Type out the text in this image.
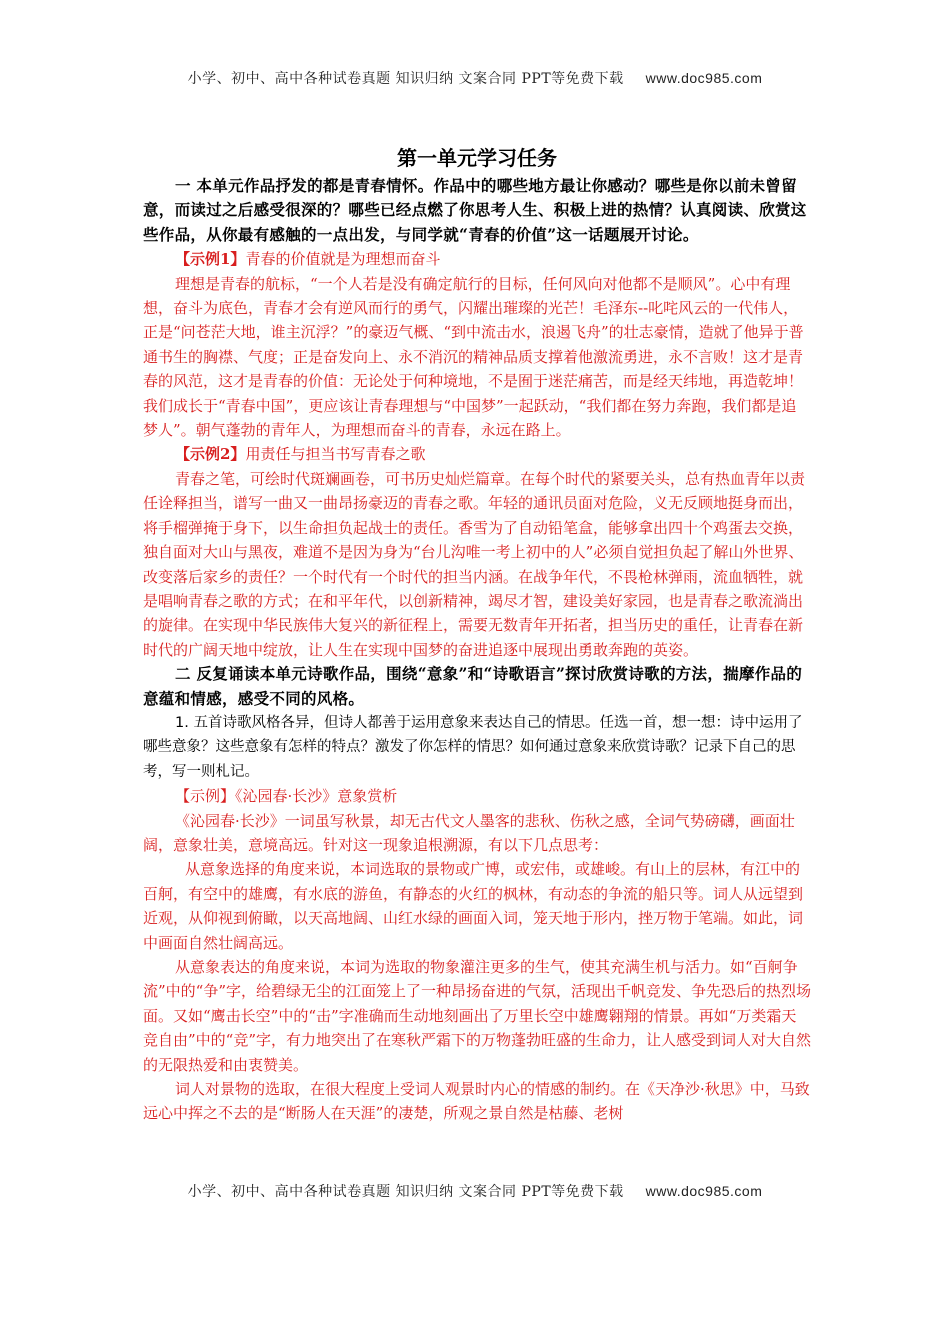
小学、初中、高中各种试卷真题 知识归纳 文案合同 PPT等免费下载 www.doc985.com
第一单元学习任务

一 本单元作品抒发的都是青春情怀。作品中的哪些地方最让你感动？哪些是你以前未曾留意，而读过之后感受很深的？哪些已经点燃了你思考人生、积极上进的热情？认真阅读、欣赏这些作品，从你最有感触的一点出发，与同学就“青春的价值”这一话题展开讨论。

【示例1】青春的价值就是为理想而奋斗

理想是青春的航标，“一个人若是没有确定航行的目标，任何风向对他都不是顺风”。心中有理想，奋斗为底色，青春才会有逆风而行的勇气，闪耀出璀璨的光芒！毛泽东--叱咤风云的一代伟人，正是“问苍茫大地，谁主沉浮？”的豪迈气概、“到中流击水，浪遏飞舟”的壮志豪情，造就了他异于普通书生的胸襟、气度；正是奋发向上、永不消沉的精神品质支撑着他激流勇进，永不言败！这才是青春的风范，这才是青春的价值：无论处于何种境地，不是囿于迷茫痛苦，而是经天纬地，再造乾坤！我们成长于“青春中国”，更应该让青春理想与“中国梦”一起跃动，“我们都在努力奔跑，我们都是追梦人”。朝气蓬勃的青年人，为理想而奋斗的青春，永远在路上。

【示例2】用责任与担当书写青春之歌

青春之笔，可绘时代斑斓画卷，可书历史灿烂篇章。在每个时代的紧要关头，总有热血青年以责任诠释担当，谱写一曲又一曲昂扬豪迈的青春之歌。年轻的通讯员面对危险，义无反顾地挺身而出，将手榴弹掩于身下，以生命担负起战士的责任。香雪为了自动铅笔盒，能够拿出四十个鸡蛋去交换，独自面对大山与黑夜，难道不是因为身为“台儿沟唯一考上初中的人”必须自觉担负起了解山外世界、改变落后家乡的责任？一个时代有一个时代的担当内涵。在战争年代，不畏枪林弹雨，流血牺牲，就是唱响青春之歌的方式；在和平年代，以创新精神，竭尽才智，建设美好家园，也是青春之歌流淌出的旋律。在实现中华民族伟大复兴的新征程上，需要无数青年开拓者，担当历史的重任，让青春在新时代的广阔天地中绽放，让人生在实现中国梦的奋进追逐中展现出勇敢奔跑的英姿。

二 反复诵读本单元诗歌作品，围绕“意象”和“诗歌语言”探讨欣赏诗歌的方法，揣摩作品的意蕴和情感，感受不同的风格。

1. 五首诗歌风格各异，但诗人都善于运用意象来表达自己的情思。任选一首，想一想：诗中运用了哪些意象？这些意象有怎样的特点？激发了你怎样的情思？如何通过意象来欣赏诗歌？记录下自己的思考，写一则札记。

【示例】《沁园春·长沙》意象赏析

《沁园春·长沙》一词虽写秋景，却无古代文人墨客的悲秋、伤秋之感，全词气势磅礴，画面壮阔，意象壮美，意境高远。针对这一现象追根溯源，有以下几点思考：

从意象选择的角度来说，本词选取的景物或广博，或宏伟，或雄峻。有山上的层林，有江中的百舸，有空中的雄鹰，有水底的游鱼，有静态的火红的枫林，有动态的争流的船只等。词人从远望到近观，从仰视到俯瞰，以天高地阔、山红水绿的画面入词，笼天地于形内，挫万物于笔端。如此，词中画面自然壮阔高远。

从意象表达的角度来说，本词为选取的物象灌注更多的生气，使其充满生机与活力。如“百舸争流”中的“争”字，给碧绿无尘的江面笼上了一种昂扬奋进的气氛，活现出千帆竞发、争先恐后的热烈场面。又如“鹰击长空”中的“击”字准确而生动地刻画出了万里长空中雄鹰翱翔的情景。再如“万类霜天竞自由”中的“竞”字，有力地突出了在寒秋严霜下的万物蓬勃旺盛的生命力，让人感受到词人对大自然的无限热爱和由衷赞美。

词人对景物的选取，在很大程度上受词人观景时内心的情感的制约。在《天净沙·秋思》中，马致远心中挥之不去的是“断肠人在天涯”的凄楚，所观之景自然是枯藤、老树

小学、初中、高中各种试卷真题 知识归纳 文案合同 PPT等免费下载 www.doc985.com
